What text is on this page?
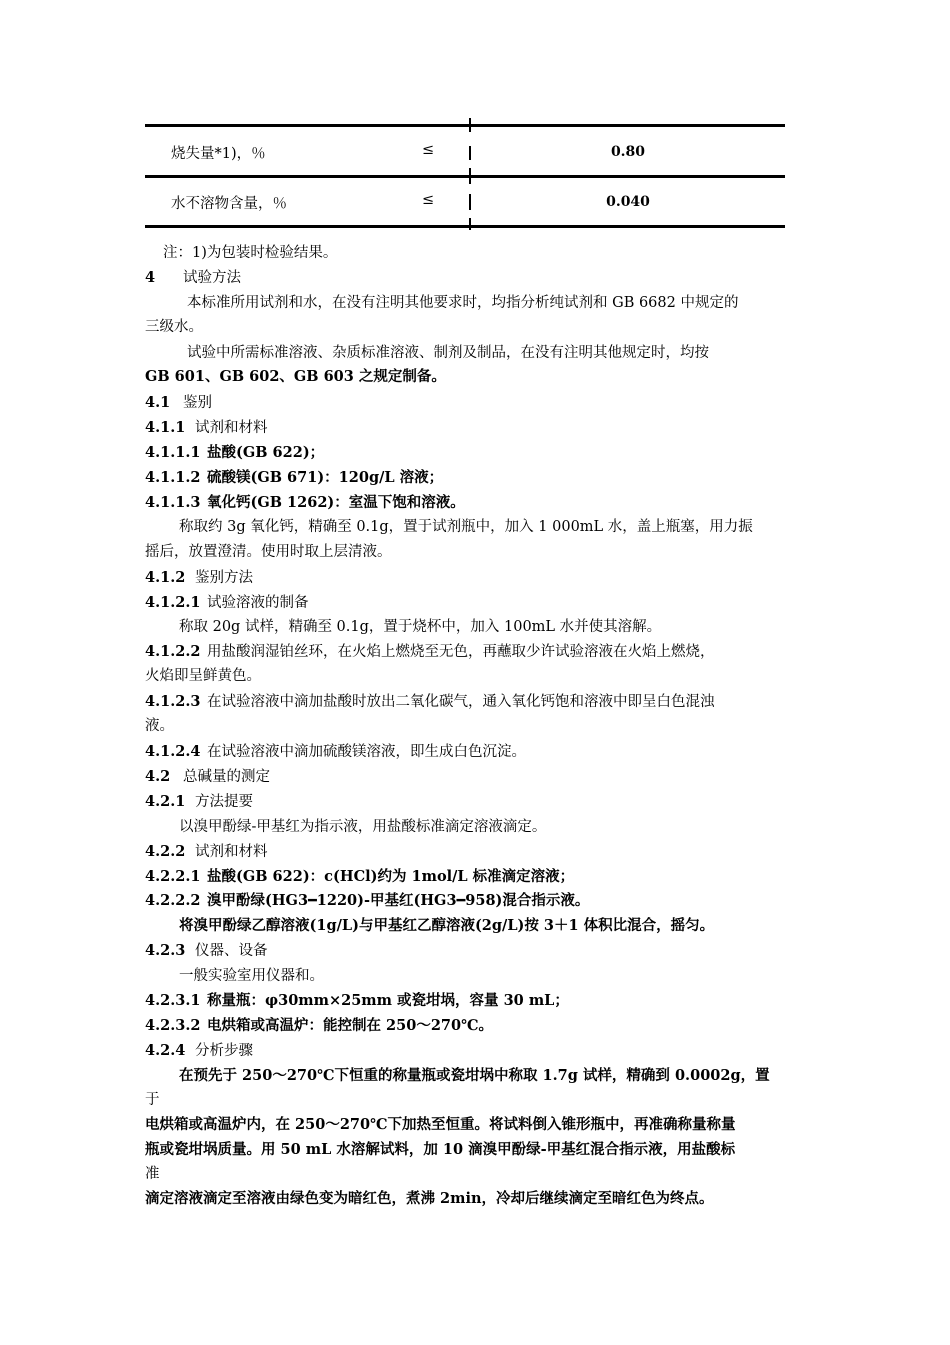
烧失量*1)，％	≤	0.80
水不溶物含量，％	≤	0.040
注：1)为包装时检验结果。
4 试验方法
本标准所用试剂和水，在没有注明其他要求时，均指分析纯试剂和 GB 6682 中规定的
三级水。
试验中所需标准溶液、杂质标准溶液、制剂及制品，在没有注明其他规定时，均按
GB 601、GB 602、GB 603 之规定制备。
4.1 鉴别
4.1.1 试剂和材料
4.1.1.1 盐酸(GB 622)；
4.1.1.2 硫酸镁(GB 671)：120g/L 溶液；
4.1.1.3 氧化钙(GB 1262)：室温下饱和溶液。
称取约 3g 氧化钙，精确至 0.1g，置于试剂瓶中，加入 1 000mL 水，盖上瓶塞，用力振
摇后，放置澄清。使用时取上层清液。
4.1.2 鉴别方法
4.1.2.1 试验溶液的制备
称取 20g 试样，精确至 0.1g，置于烧杯中，加入 100mL 水并使其溶解。
4.1.2.2 用盐酸润湿铂丝环，在火焰上燃烧至无色，再蘸取少许试验溶液在火焰上燃烧，
火焰即呈鲜黄色。
4.1.2.3 在试验溶液中滴加盐酸时放出二氧化碳气，通入氧化钙饱和溶液中即呈白色混浊
液。
4.1.2.4 在试验溶液中滴加硫酸镁溶液，即生成白色沉淀。
4.2 总碱量的测定
4.2.1 方法提要
以溴甲酚绿-甲基红为指示液，用盐酸标准滴定溶液滴定。
4.2.2 试剂和材料
4.2.2.1 盐酸(GB 622)：c(HCl)约为 1mol/L 标准滴定溶液；
4.2.2.2 溴甲酚绿(HG3━1220)-甲基红(HG3━958)混合指示液。
将溴甲酚绿乙醇溶液(1g/L)与甲基红乙醇溶液(2g/L)按 3＋1 体积比混合，摇匀。
4.2.3 仪器、设备
一般实验室用仪器和。
4.2.3.1 称量瓶：φ30mm×25mm 或瓷坩埚，容量 30 mL；
4.2.3.2 电烘箱或高温炉：能控制在 250～270℃。
4.2.4 分析步骤
在预先于 250～270℃下恒重的称量瓶或瓷坩埚中称取 1.7g 试样，精确到 0.0002g，置
于
电烘箱或高温炉内，在 250～270℃下加热至恒重。将试料倒入锥形瓶中，再准确称量称量
瓶或瓷坩埚质量。用 50 mL 水溶解试料，加 10 滴溴甲酚绿-甲基红混合指示液，用盐酸标
准
滴定溶液滴定至溶液由绿色变为暗红色，煮沸 2min，冷却后继续滴定至暗红色为终点。
